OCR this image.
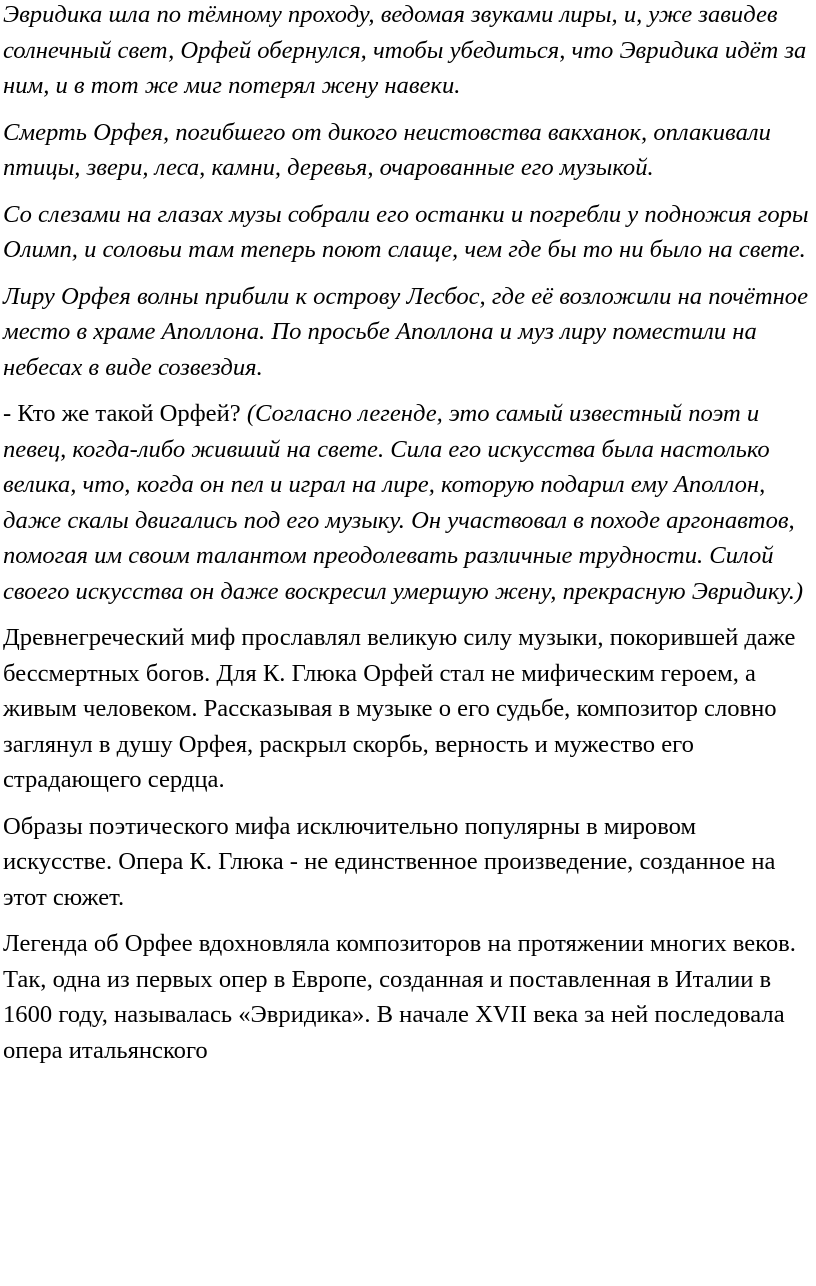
Эвридика шла по тёмному проходу, ведомая звуками лиры, и, уже завидев солнечный свет, Орфей обернулся, чтобы убедиться, что Эвридика идёт за ним, и в тот же миг потерял жену навеки.

Смерть Орфея, погибшего от дикого неистовства вакханок, оплакивали птицы, звери, леса, камни, деревья, очарованные его музыкой.

Со слезами на глазах музы собрали его останки и погребли у подножия горы Олимп, и соловьи там теперь поют слаще, чем где бы то ни было на свете.

Лиру Орфея волны прибили к острову Лесбос, где её возложили на почётное место в храме Аполлона. По просьбе Аполлона и муз лиру поместили на небесах в виде созвездия.

- Кто же такой Орфей? (Согласно легенде, это самый известный поэт и певец, когда-либо живший на свете. Сила его искусства была настолько велика, что, когда он пел и играл на лире, которую подарил ему Аполлон, даже скалы двигались под его музыку. Он участвовал в походе аргонавтов, помогая им своим талантом преодолевать различные трудности. Силой своего искусства он даже воскресил умершую жену, прекрасную Эвридику.)

Древнегреческий миф прославлял великую силу музыки, покорившей даже бессмертных богов. Для К. Глюка Орфей стал не мифическим героем, а живым человеком. Рассказывая в музыке о его судьбе, композитор словно заглянул в душу Орфея, раскрыл скорбь, верность и мужество его страдающего сердца.

Образы поэтического мифа исключительно популярны в мировом искусстве. Опера К. Глюка - не единственное произведение, созданное на этот сюжет.

Легенда об Орфее вдохновляла композиторов на протяжении многих веков. Так, одна из первых опер в Европе, созданная и поставленная в Италии в 1600 году, называлась «Эвридика». В начале XVII века за ней последовала опера итальянского
